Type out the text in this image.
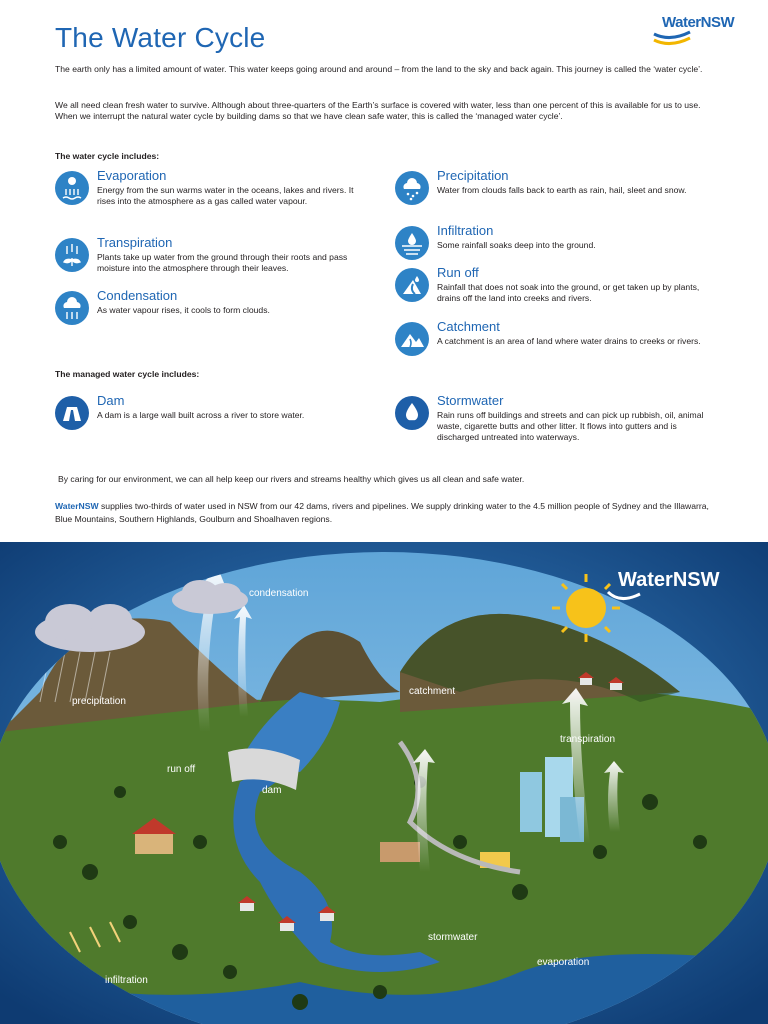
The Water Cycle	WaterNSW

The earth only has a limited amount of water. This water keeps going around and around – from the land to the sky and back again. This journey is called the ‘water cycle’.

We all need clean fresh water to survive. Although about three-quarters of the Earth’s surface is covered with water, less than one percent of this is available for us to use. When we interrupt the natural water cycle by building dams so that we have clean safe water, this is called the ‘managed water cycle’.

The water cycle includes:
Evaporation
Energy from the sun warms water in the oceans, lakes and rivers. It rises into the atmosphere as a gas called water vapour.
Transpiration
Plants take up water from the ground through their roots and pass moisture into the atmosphere through their leaves.
Condensation
As water vapour rises, it cools to form clouds.
Precipitation
Water from clouds falls back to earth as rain, hail, sleet and snow.
Infiltration
Some rainfall soaks deep into the ground.
Run off
Rainfall that does not soak into the ground, or get taken up by plants, drains off the land into creeks and rivers.
Catchment
A catchment is an area of land where water drains to creeks or rivers.
The managed water cycle includes:
Dam
A dam is a large wall built across a river to store water.
Stormwater
Rain runs off buildings and streets and can pick up rubbish, oil, animal waste, cigarette butts and other litter. It flows into gutters and is discharged untreated into waterways.

By caring for our environment, we can all help keep our rivers and streams healthy which gives us all clean and safe water.

WaterNSW supplies two-thirds of water used in NSW from our 42 dams, rivers and pipelines. We supply drinking water to the 4.5 million people of Sydney and the Illawarra, Blue Mountains, Southern Highlands, Goulburn and Shoalhaven regions.

WaterNSW
condensation
precipitation
catchment
transpiration
run off
dam
stormwater
evaporation
infiltration
